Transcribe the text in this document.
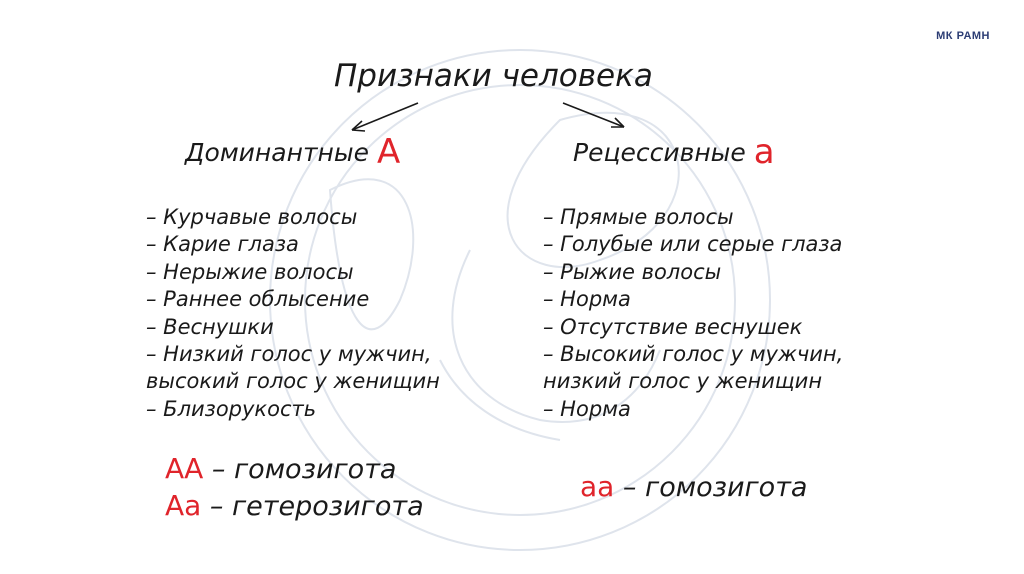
МК РАМН
Признаки человека
Доминантные А	Рецессивные а
– Курчавые волосы
– Карие глаза
– Нерыжие волосы
– Раннее облысение
– Веснушки
– Низкий голос у мужчин,
высокий голос у женищин
– Близорукость
– Прямые волосы
– Голубые или серые глаза
– Рыжие волосы
– Норма
– Отсутствие веснушек
– Высокий голос у мужчин,
низкий голос у женищин
– Норма
АА – гомозигота
Аа – гетерозигота
аа – гомозигота
